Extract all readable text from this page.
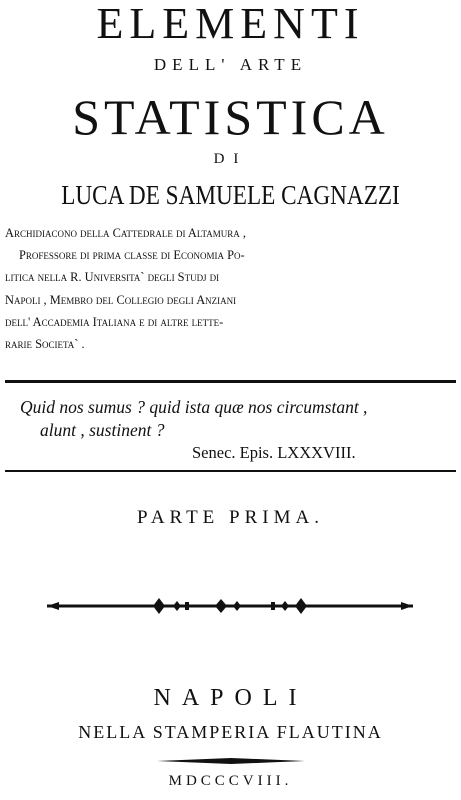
ELEMENTI
DELL' ARTE
STATISTICA
DI
LUCA DE SAMUELE CAGNAZZI
Archidiacono della Cattedrale di Altamura ,
Professore di prima classe di Economia Po-
litica nella R. Universita` degli Studj di
Napoli , Membro del Collegio degli Anziani
dell' Accademia Italiana e di altre lette-
rarie Societa` .
Quid nos sumus ? quid ista quæ nos circumstant ,
alunt , sustinent ?
Senec. Epis. LXXXVIII.
PARTE PRIMA.
NAPOLI
NELLA STAMPERIA FLAUTINA
MDCCCVIII.
